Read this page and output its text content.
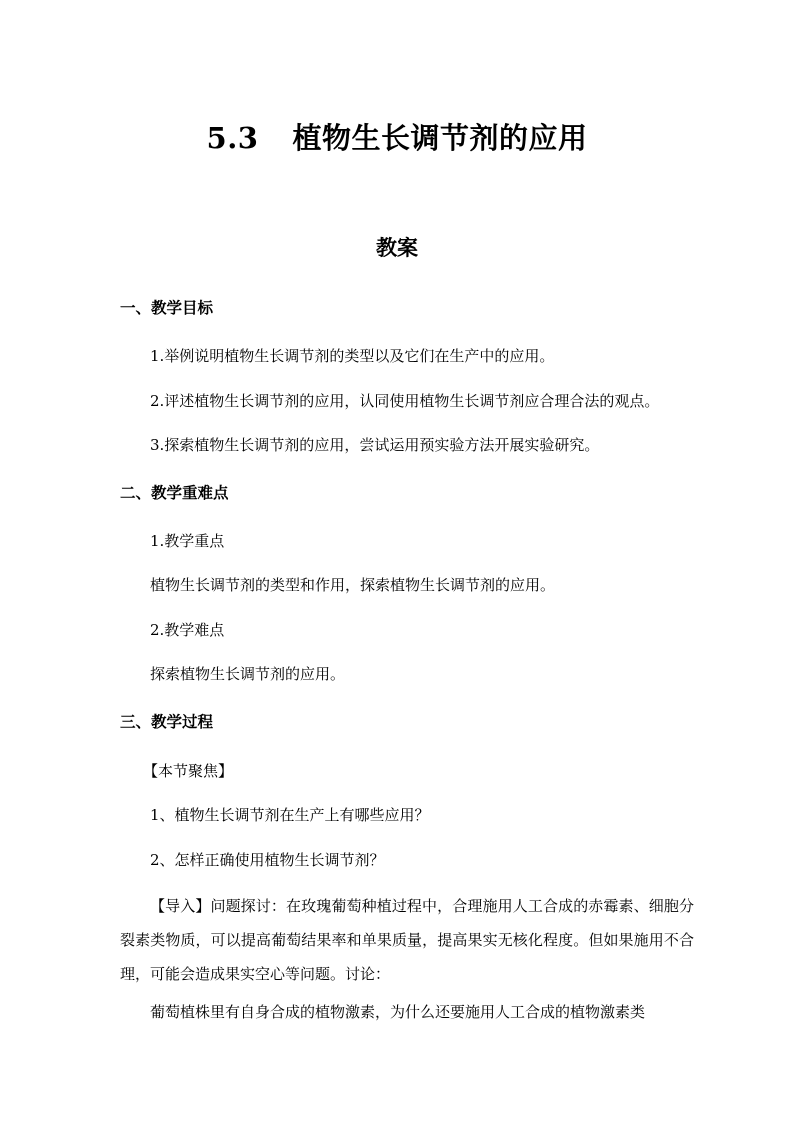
5.3 植物生长调节剂的应用
教案
一、教学目标
1.举例说明植物生长调节剂的类型以及它们在生产中的应用。
2.评述植物生长调节剂的应用，认同使用植物生长调节剂应合理合法的观点。
3.探索植物生长调节剂的应用，尝试运用预实验方法开展实验研究。
二、教学重难点
1.教学重点
植物生长调节剂的类型和作用，探索植物生长调节剂的应用。
2.教学难点
探索植物生长调节剂的应用。
三、教学过程
【本节聚焦】
1、植物生长调节剂在生产上有哪些应用？
2、怎样正确使用植物生长调节剂？
【导入】问题探讨：在玫瑰葡萄种植过程中，合理施用人工合成的赤霉素、细胞分裂素类物质，可以提高葡萄结果率和单果质量，提高果实无核化程度。但如果施用不合理，可能会造成果实空心等问题。讨论：
葡萄植株里有自身合成的植物激素，为什么还要施用人工合成的植物激素类
